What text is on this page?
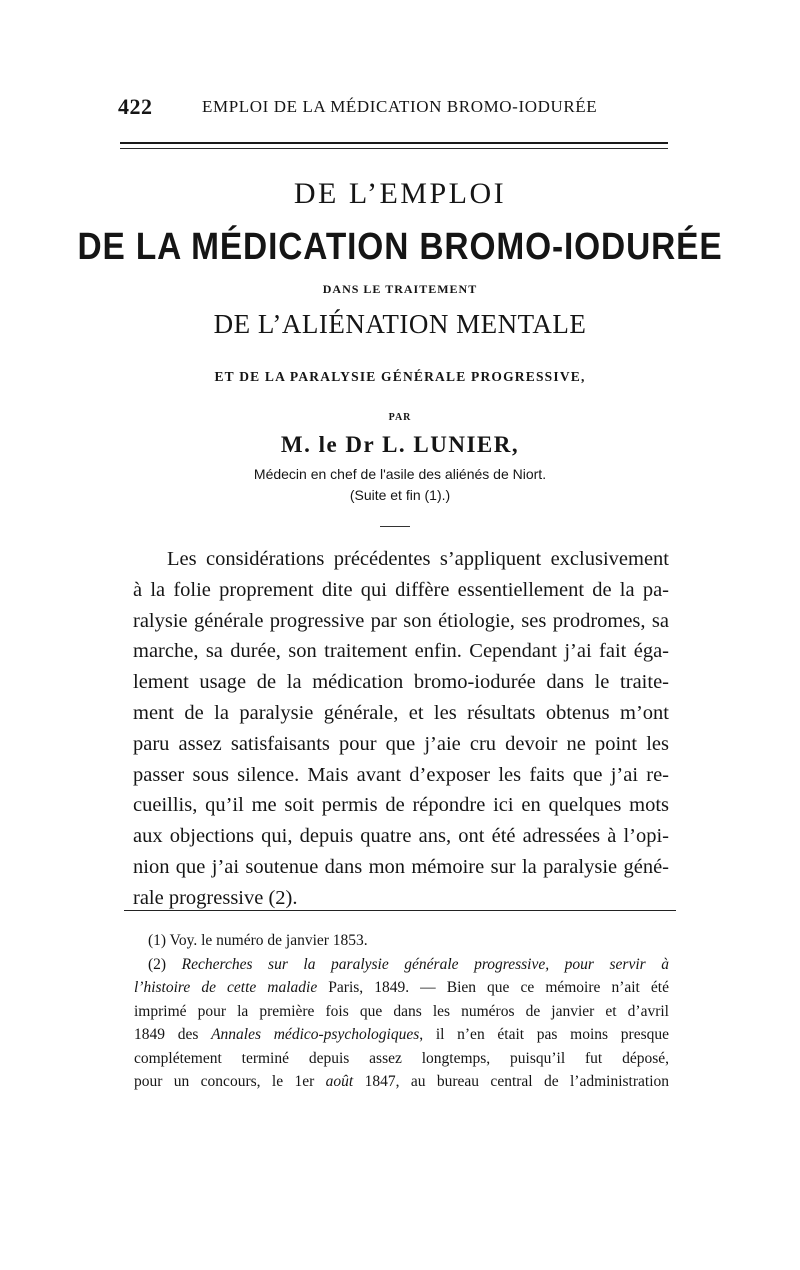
422	EMPLOI DE LA MÉDICATION BROMO-IODURÉE
DE L’EMPLOI
DE LA MÉDICATION BROMO-IODURÉE
DANS LE TRAITEMENT
DE L’ALIÉNATION MENTALE
ET DE LA PARALYSIE GÉNÉRALE PROGRESSIVE,
PAR
M. le Dr L. LUNIER,
Médecin en chef de l'asile des aliénés de Niort.
(Suite et fin (1).)
Les considérations précédentes s’appliquent exclusivement
à la folie proprement dite qui diffère essentiellement de la pa-
ralysie générale progressive par son étiologie, ses prodromes, sa
marche, sa durée, son traitement enfin. Cependant j’ai fait éga-
lement usage de la médication bromo-iodurée dans le traite-
ment de la paralysie générale, et les résultats obtenus m’ont
paru assez satisfaisants pour que j’aie cru devoir ne point les
passer sous silence. Mais avant d’exposer les faits que j’ai re-
cueillis, qu’il me soit permis de répondre ici en quelques mots
aux objections qui, depuis quatre ans, ont été adressées à l’opi-
nion que j’ai soutenue dans mon mémoire sur la paralysie géné-
rale progressive (2).
(1) Voy. le numéro de janvier 1853.
(2) Recherches sur la paralysie générale progressive, pour servir à
l’histoire de cette maladie Paris, 1849. — Bien que ce mémoire n’ait été
imprimé pour la première fois que dans les numéros de janvier et d’avril
1849 des Annales médico-psychologiques, il n’en était pas moins presque
complétement terminé depuis assez longtemps, puisqu’il fut déposé,
pour un concours, le 1er août 1847, au bureau central de l’administration
